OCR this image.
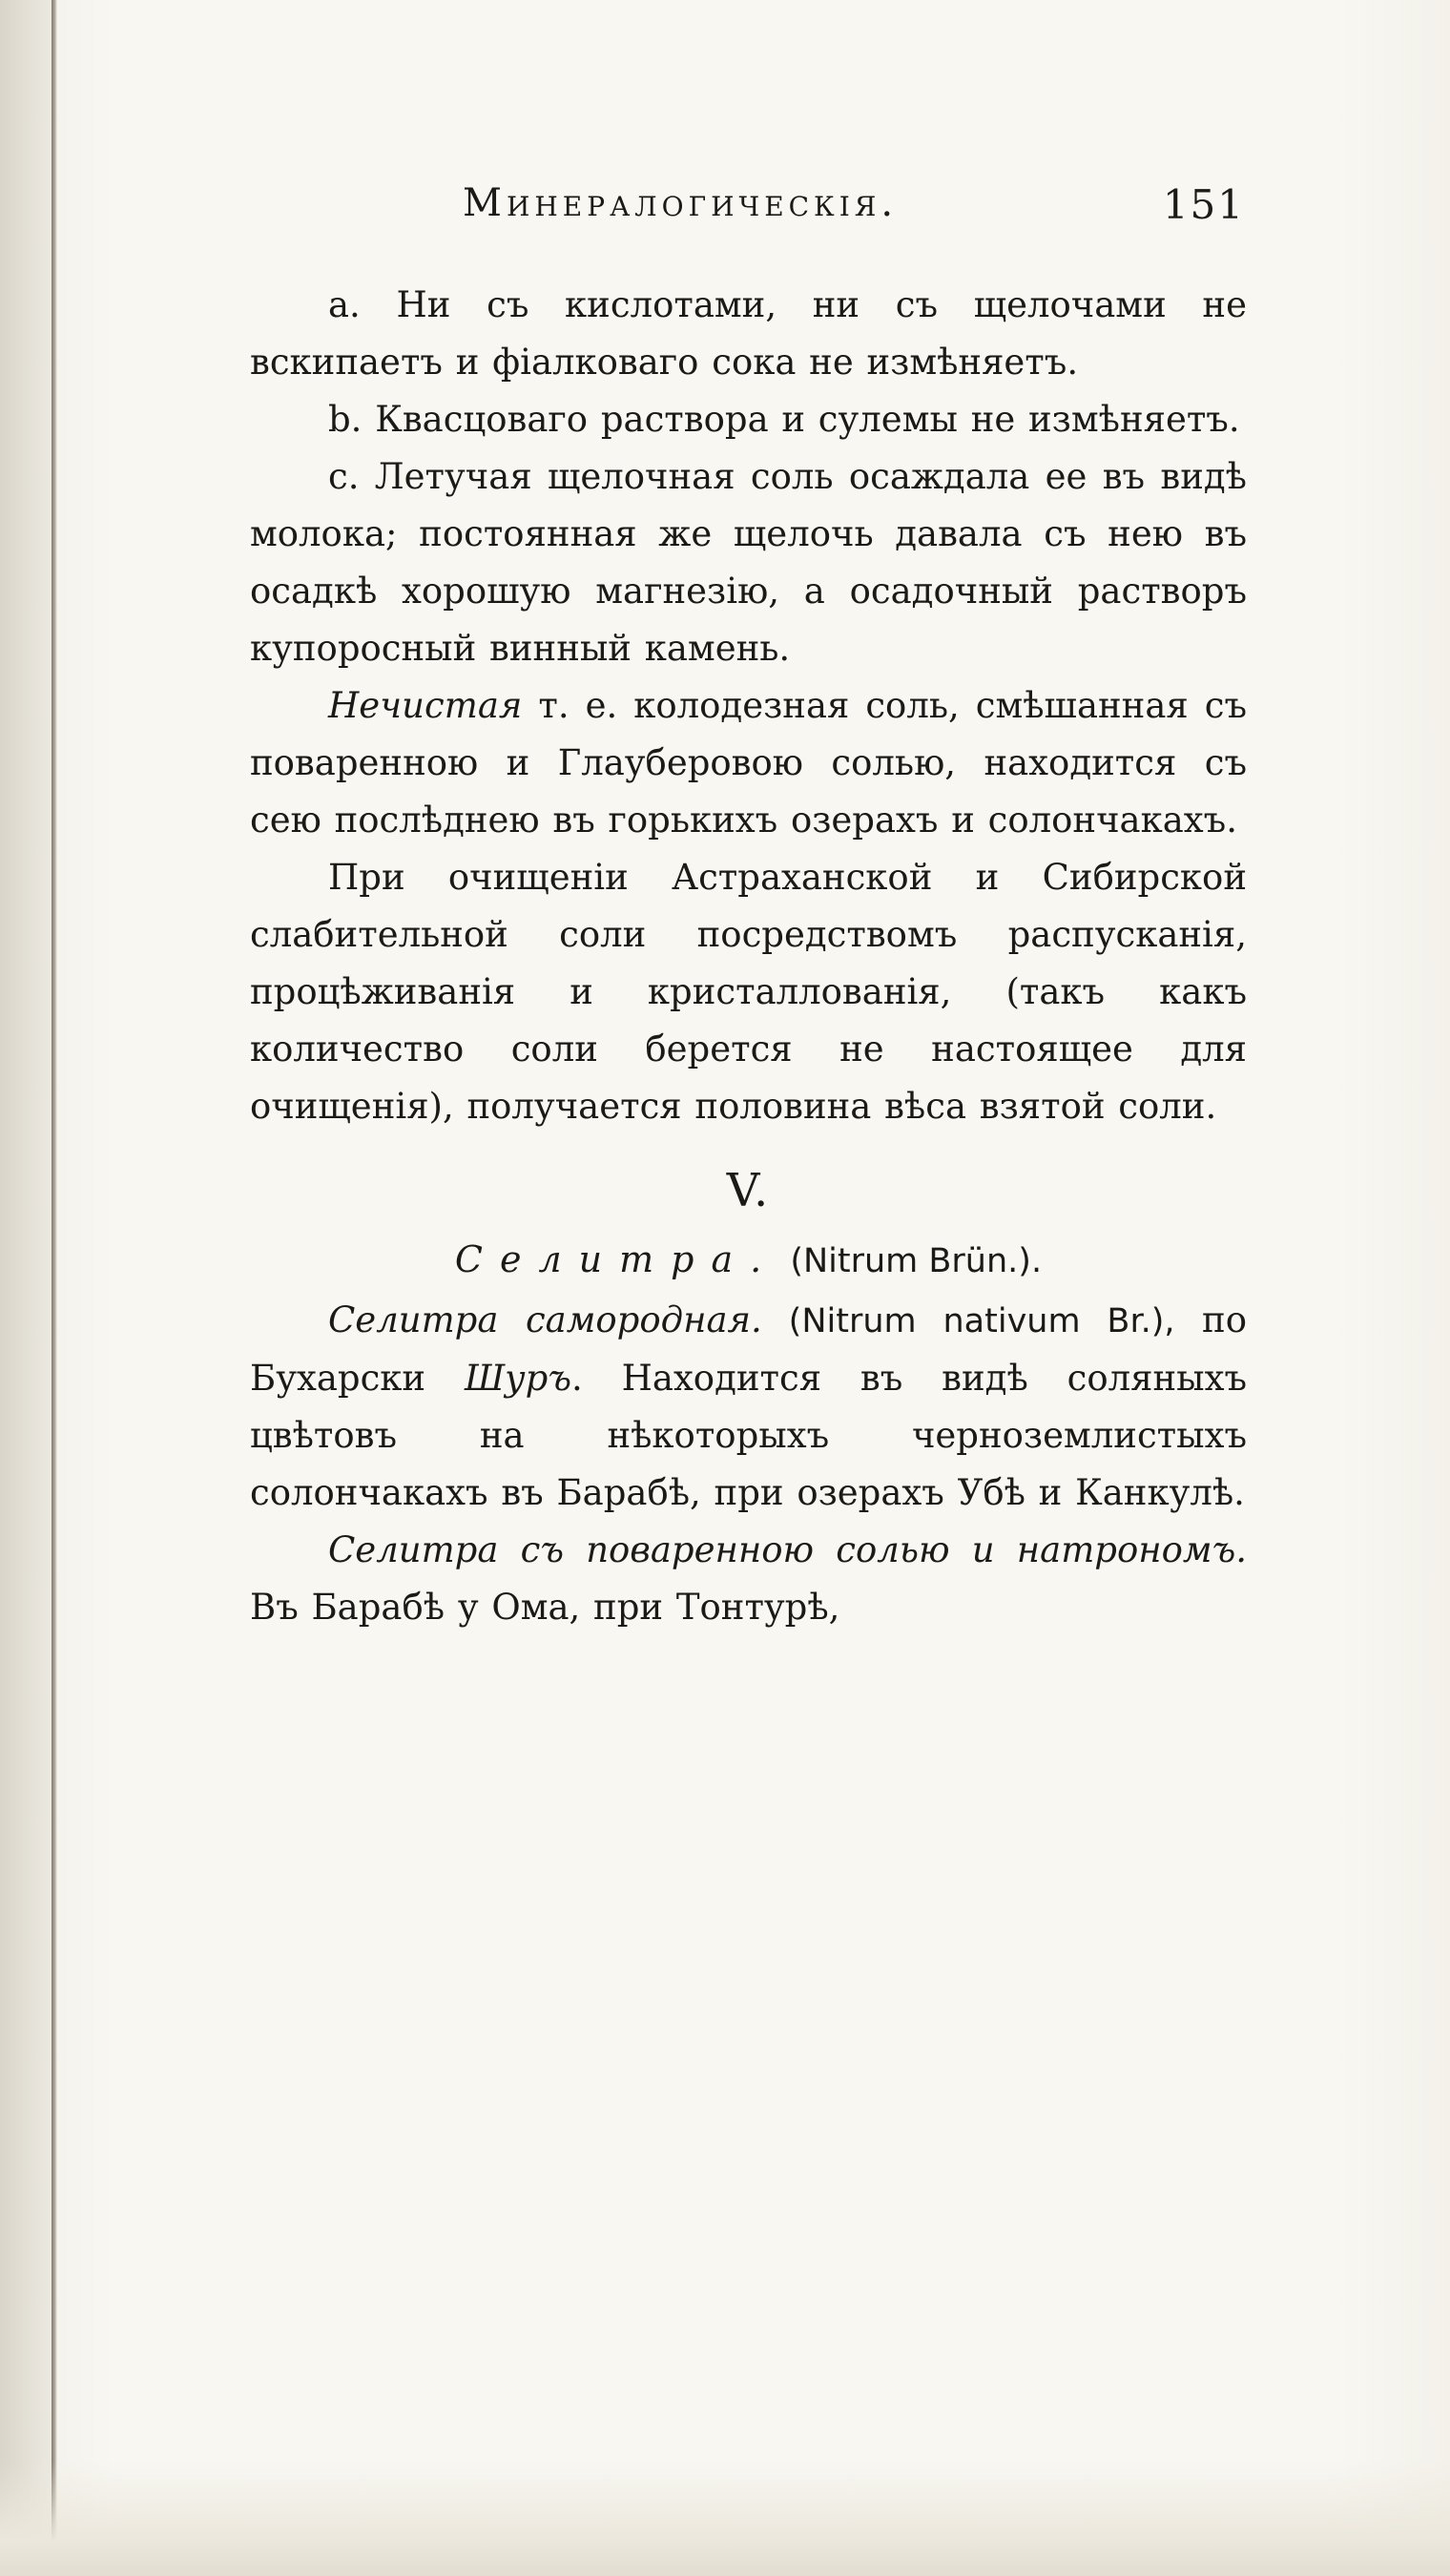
Минералогическія.	151

a. Ни съ кислотами, ни съ щелочами не вскипаетъ и фіалковаго сока не измѣняетъ.

b. Квасцоваго раствора и сулемы не измѣняетъ.

c. Летучая щелочная соль осаждала ее въ видѣ молока; постоянная же щелочь давала съ нею въ осадкѣ хорошую магнезію, а осадочный растворъ купоросный винный камень.

Нечистая т. е. колодезная соль, смѣшанная съ поваренною и Глауберовою солью, находится съ сею послѣднею въ горькихъ озерахъ и солончакахъ.

При очищеніи Астраханской и Сибирской слабительной соли посредствомъ распусканія, процѣживанія и кристаллованія, (такъ какъ количество соли берется не настоящее для очищенія), получается половина вѣса взятой соли.

V.
Селитра. (Nitrum Brün.).

Селитра самородная. (Nitrum nativum Br.), по Бухарски Шуръ. Находится въ видѣ соляныхъ цвѣтовъ на нѣкоторыхъ черноземлистыхъ солончакахъ въ Барабѣ, при озерахъ Убѣ и Канкулѣ.

Селитра съ поваренною солью и натрономъ. Въ Барабѣ у Ома, при Тонтурѣ,
